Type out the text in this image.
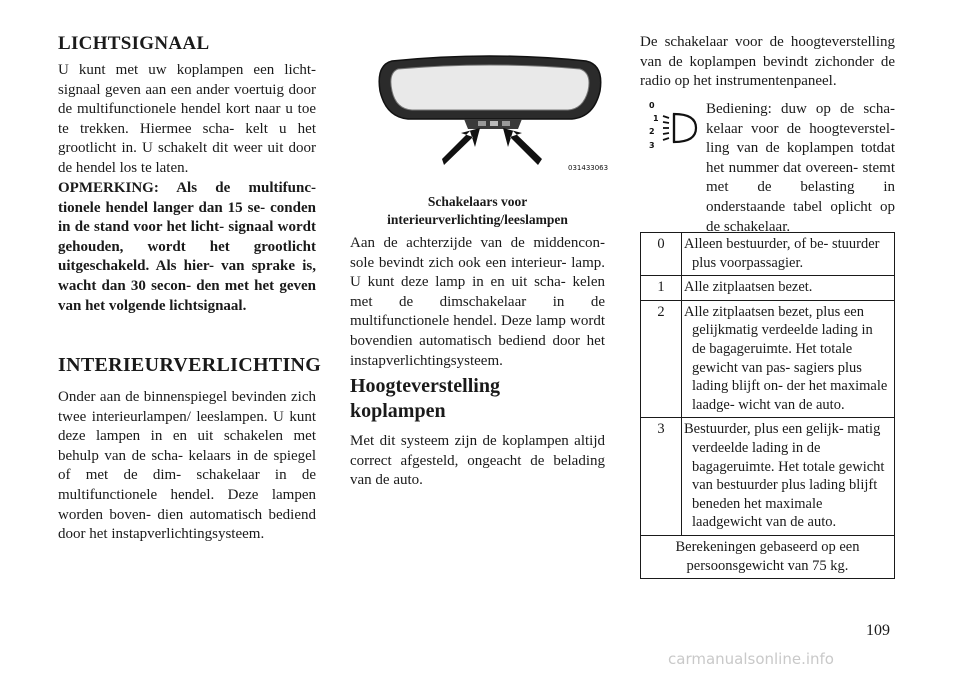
LICHTSIGNAAL

U kunt met uw koplampen een licht- signaal geven aan een ander voertuig door de multifunctionele hendel kort naar u toe te trekken. Hiermee scha- kelt u het grootlicht in. U schakelt dit weer uit door de hendel los te laten.

OPMERKING: Als de multifunc- tionele hendel langer dan 15 se- conden in de stand voor het licht- signaal wordt gehouden, wordt het grootlicht uitgeschakeld. Als hier- van sprake is, wacht dan 30 secon- den met het geven van het volgende lichtsignaal.

INTERIEURVERLICHTING

Onder aan de binnenspiegel bevinden zich twee interieurlampen/ leeslampen. U kunt deze lampen in en uit schakelen met behulp van de scha- kelaars in de spiegel of met de dim- schakelaar in de multifunctionele hendel. Deze lampen worden boven- dien automatisch bediend door het instapverlichtingsysteem.

031433063

Schakelaars voor
interieurverlichting/leeslampen

Aan de achterzijde van de middencon- sole bevindt zich ook een interieur- lamp. U kunt deze lamp in en uit scha- kelen met de dimschakelaar in de multifunctionele hendel. Deze lamp wordt bovendien automatisch bediend door het instapverlichtingsysteem.

Hoogteverstelling
koplampen

Met dit systeem zijn de koplampen altijd correct afgesteld, ongeacht de belading van de auto.

De schakelaar voor de hoogteverstelling van de koplampen bevindt zichonder de radio op het instrumentenpaneel.

0
1
2
3

Bediening: duw op de scha- kelaar voor de hoogteverstel- ling van de koplampen totdat het nummer dat overeen- stemt met de belasting in onderstaande tabel oplicht op de schakelaar.

0	Alleen bestuurder, of be- stuurder plus voorpassagier.
1	Alle zitplaatsen bezet.
2	Alle zitplaatsen bezet, plus een gelijkmatig verdeelde lading in de bagageruimte. Het totale gewicht van pas- sagiers plus lading blijft on- der het maximale laadge- wicht van de auto.
3	Bestuurder, plus een gelijk- matig verdeelde lading in de bagageruimte. Het totale gewicht van bestuurder plus lading blijft beneden het maximale laadgewicht van de auto.
Berekeningen gebaseerd op een persoonsgewicht van 75 kg.	

109

carmanualsonline.info
